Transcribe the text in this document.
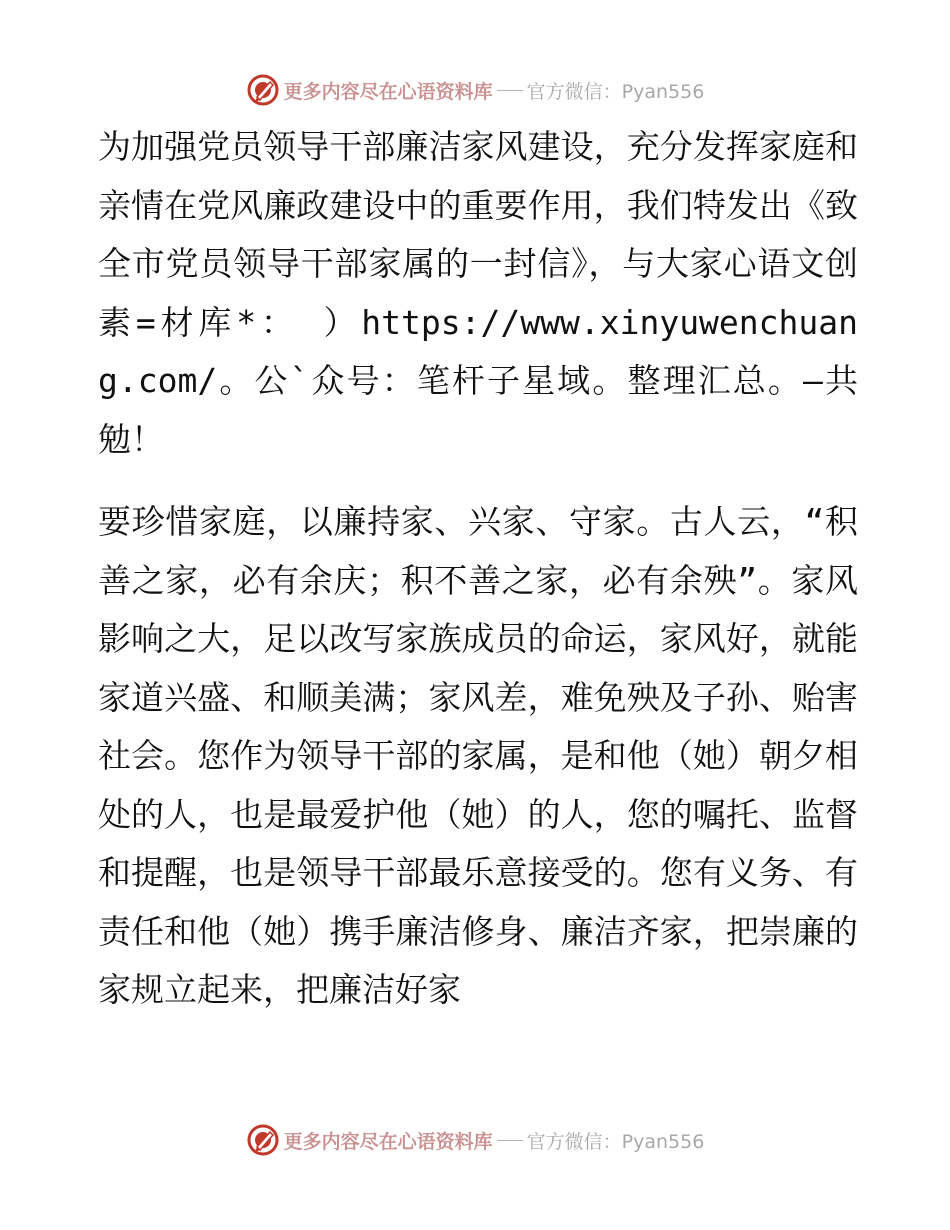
更多内容尽在心语资料库 官方微信：Pyan556

为加强党员领导干部廉洁家风建设，充分发挥家庭和亲情在党风廉政建设中的重要作用，我们特发出《致全市党员领导干部家属的一封信》，与大家心语文创素=材库*： ）https://www.xinyuwenchuang.com/。公`众号：笔杆子星域。整理汇总。—共勉！

要珍惜家庭，以廉持家、兴家、守家。古人云，“积善之家，必有余庆；积不善之家，必有余殃”。家风影响之大，足以改写家族成员的命运，家风好，就能家道兴盛、和顺美满；家风差，难免殃及子孙、贻害社会。您作为领导干部的家属，是和他（她）朝夕相处的人，也是最爱护他（她）的人，您的嘱托、监督和提醒，也是领导干部最乐意接受的。您有义务、有责任和他（她）携手廉洁修身、廉洁齐家，把崇廉的家规立起来，把廉洁好家

更多内容尽在心语资料库 官方微信：Pyan556
